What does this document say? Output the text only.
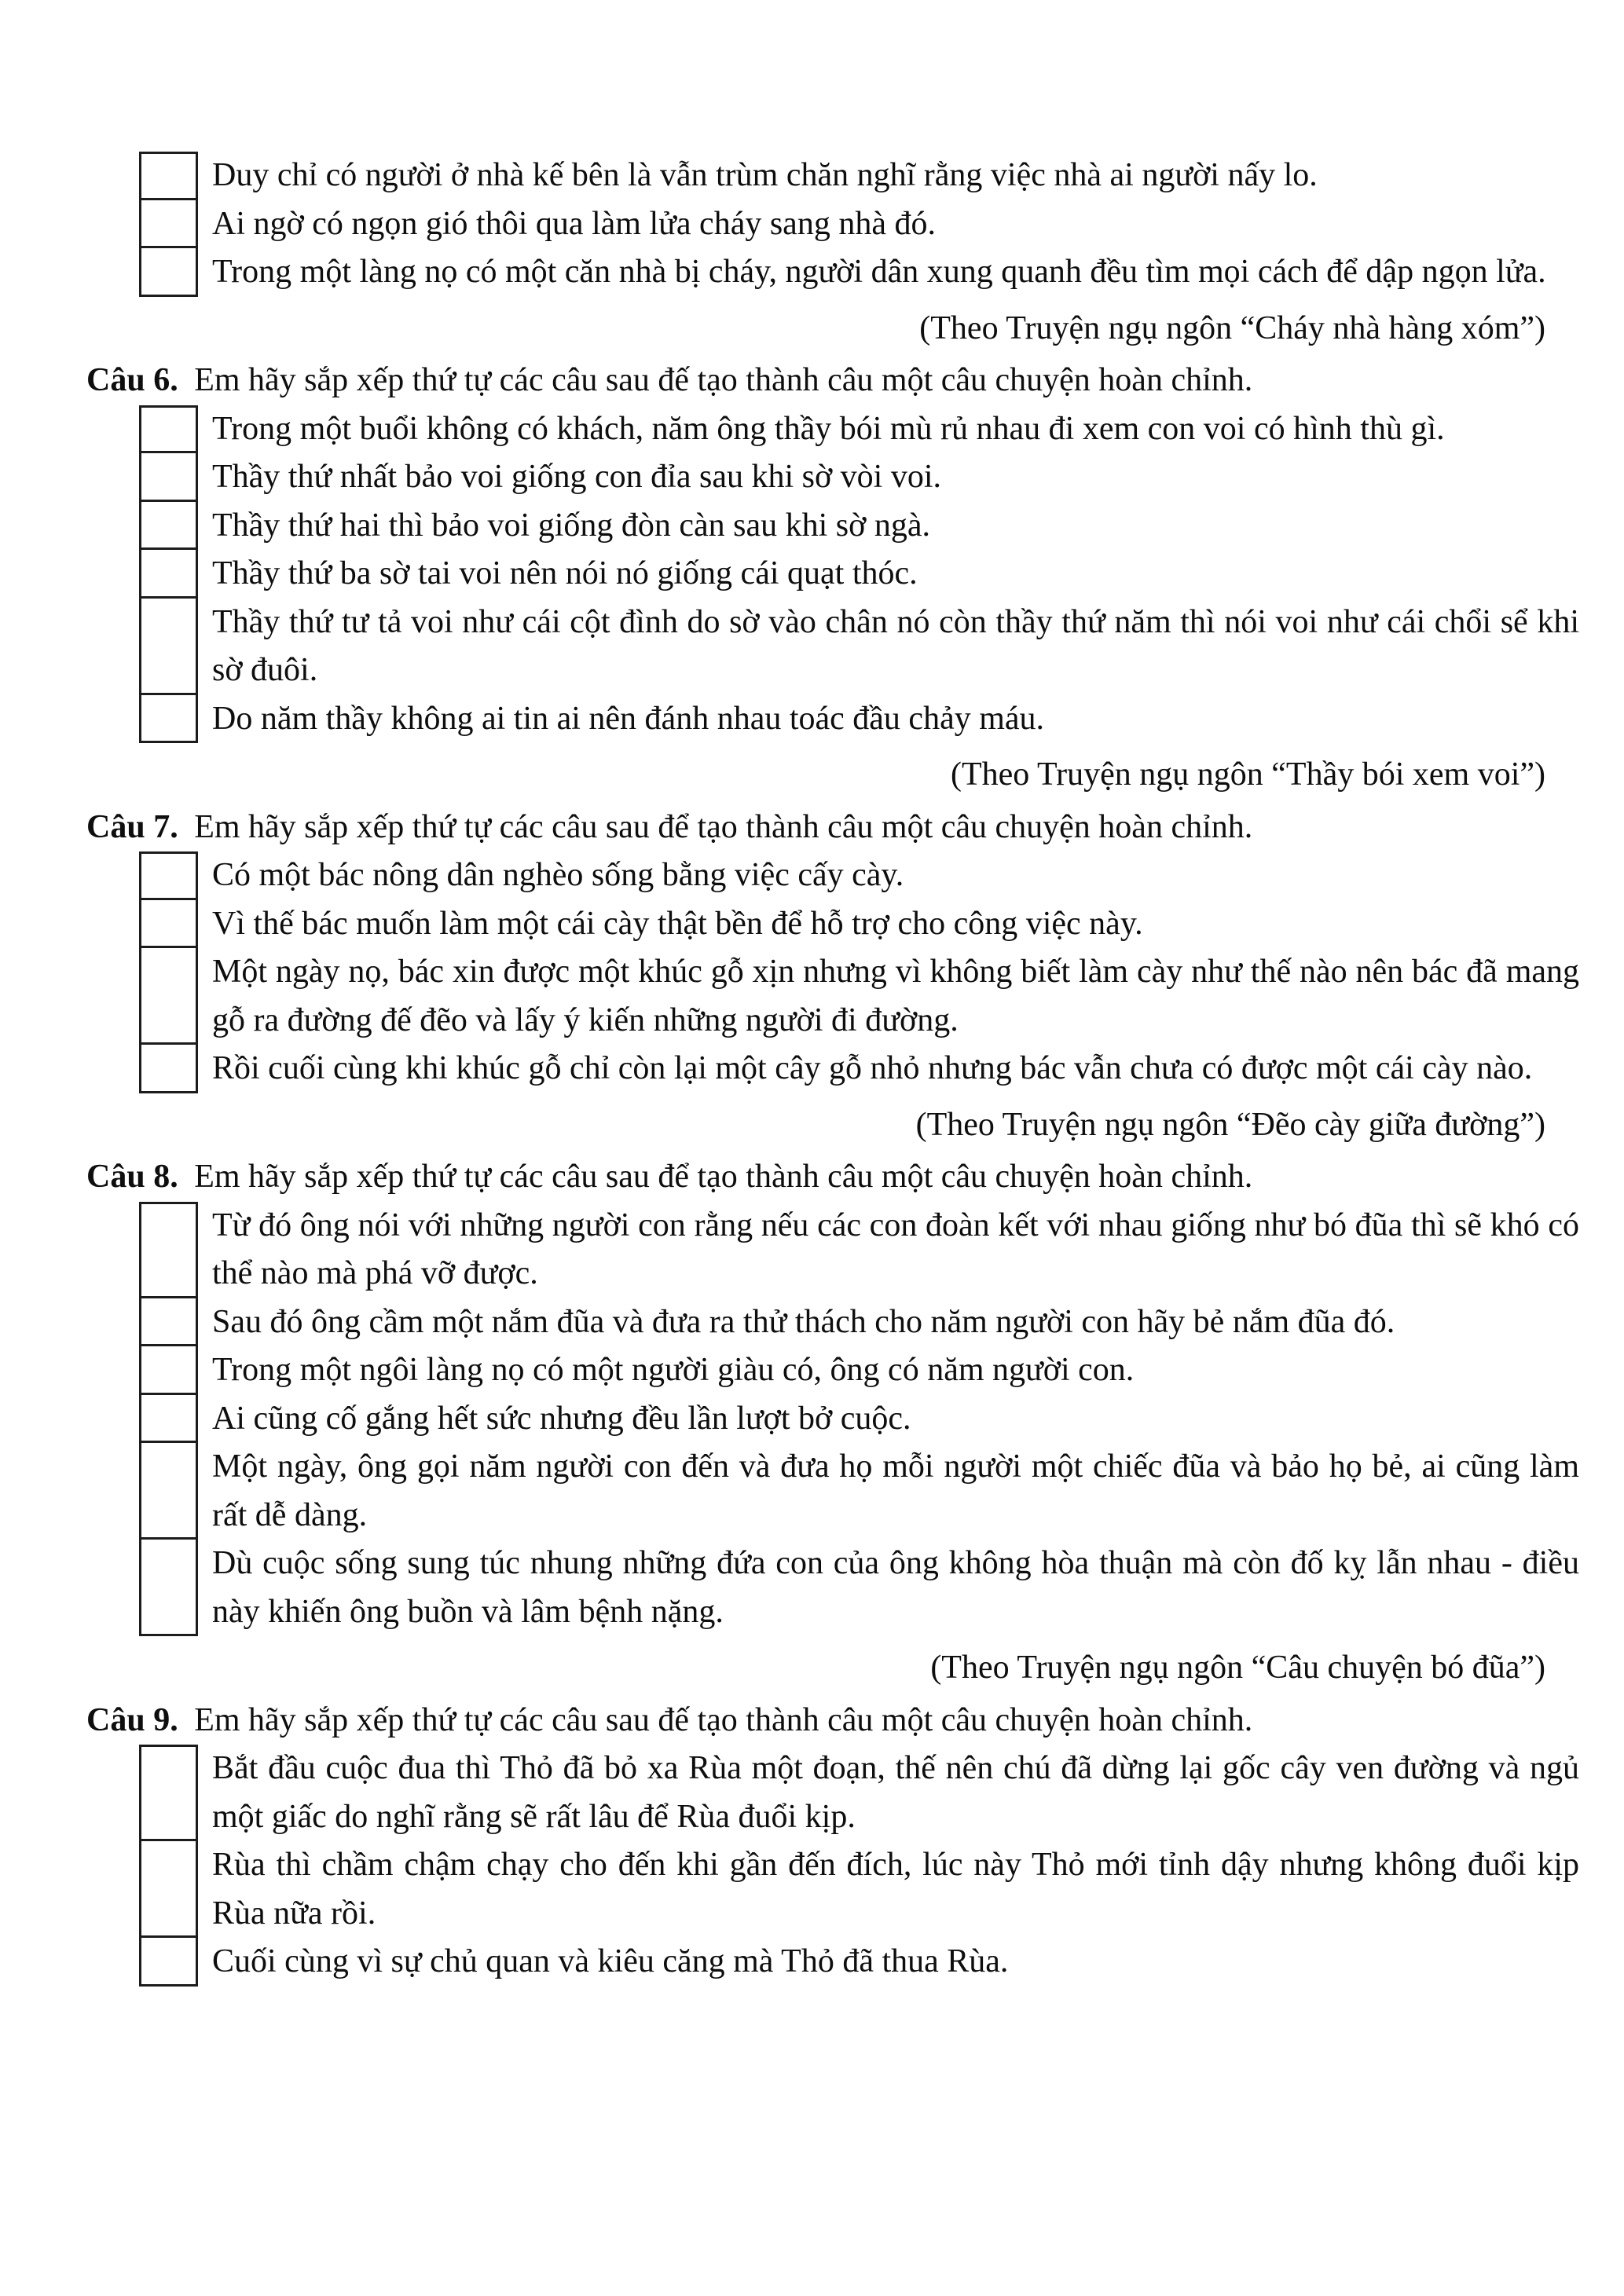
Duy chỉ có người ở nhà kế bên là vẫn trùm chăn nghĩ rằng việc nhà ai người nấy lo.
Ai ngờ có ngọn gió thôi qua làm lửa cháy sang nhà đó.
Trong một làng nọ có một căn nhà bị cháy, người dân xung quanh đều tìm mọi cách để dập ngọn lửa.
(Theo Truyện ngụ ngôn “Cháy nhà hàng xóm”)
Câu 6. Em hãy sắp xếp thứ tự các câu sau đế tạo thành câu một câu chuyện hoàn chỉnh.
Trong một buổi không có khách, năm ông thầy bói mù rủ nhau đi xem con voi có hình thù gì.
Thầy thứ nhất bảo voi giống con đỉa sau khi sờ vòi voi.
Thầy thứ hai thì bảo voi giống đòn càn sau khi sờ ngà.
Thầy thứ ba sờ tai voi nên nói nó giống cái quạt thóc.
Thầy thứ tư tả voi như cái cột đình do sờ vào chân nó còn thầy thứ năm thì nói voi như cái chổi sể khi sờ đuôi.
Do năm thầy không ai tin ai nên đánh nhau toác đầu chảy máu.
(Theo Truyện ngụ ngôn “Thầy bói xem voi”)
Câu 7. Em hãy sắp xếp thứ tự các câu sau để tạo thành câu một câu chuyện hoàn chỉnh.
Có một bác nông dân nghèo sống bằng việc cấy cày.
Vì thế bác muốn làm một cái cày thật bền để hỗ trợ cho công việc này.
Một ngày nọ, bác xin được một khúc gỗ xịn nhưng vì không biết làm cày như thế nào nên bác đã mang gỗ ra đường đế đẽo và lấy ý kiến những người đi đường.
Rồi cuối cùng khi khúc gỗ chỉ còn lại một cây gỗ nhỏ nhưng bác vẫn chưa có được một cái cày nào.
(Theo Truyện ngụ ngôn “Đẽo cày giữa đường”)
Câu 8. Em hãy sắp xếp thứ tự các câu sau để tạo thành câu một câu chuyện hoàn chỉnh.
Từ đó ông nói với những người con rằng nếu các con đoàn kết với nhau giống như bó đũa thì sẽ khó có thể nào mà phá vỡ được.
Sau đó ông cầm một nắm đũa và đưa ra thử thách cho năm người con hãy bẻ nắm đũa đó.
Trong một ngôi làng nọ có một người giàu có, ông có năm người con.
Ai cũng cố gắng hết sức nhưng đều lần lượt bở cuộc.
Một ngày, ông gọi năm người con đến và đưa họ mỗi người một chiếc đũa và bảo họ bẻ, ai cũng làm rất dễ dàng.
Dù cuộc sống sung túc nhung những đứa con của ông không hòa thuận mà còn đố kỵ lẫn nhau - điều này khiến ông buồn và lâm bệnh nặng.
(Theo Truyện ngụ ngôn “Câu chuyện bó đũa”)
Câu 9. Em hãy sắp xếp thứ tự các câu sau đế tạo thành câu một câu chuyện hoàn chỉnh.
Bắt đầu cuộc đua thì Thỏ đã bỏ xa Rùa một đoạn, thế nên chú đã dừng lại gốc cây ven đường và ngủ một giấc do nghĩ rằng sẽ rất lâu để Rùa đuổi kịp.
Rùa thì chầm chậm chạy cho đến khi gần đến đích, lúc này Thỏ mới tỉnh dậy nhưng không đuổi kịp Rùa nữa rồi.
Cuối cùng vì sự chủ quan và kiêu căng mà Thỏ đã thua Rùa.
